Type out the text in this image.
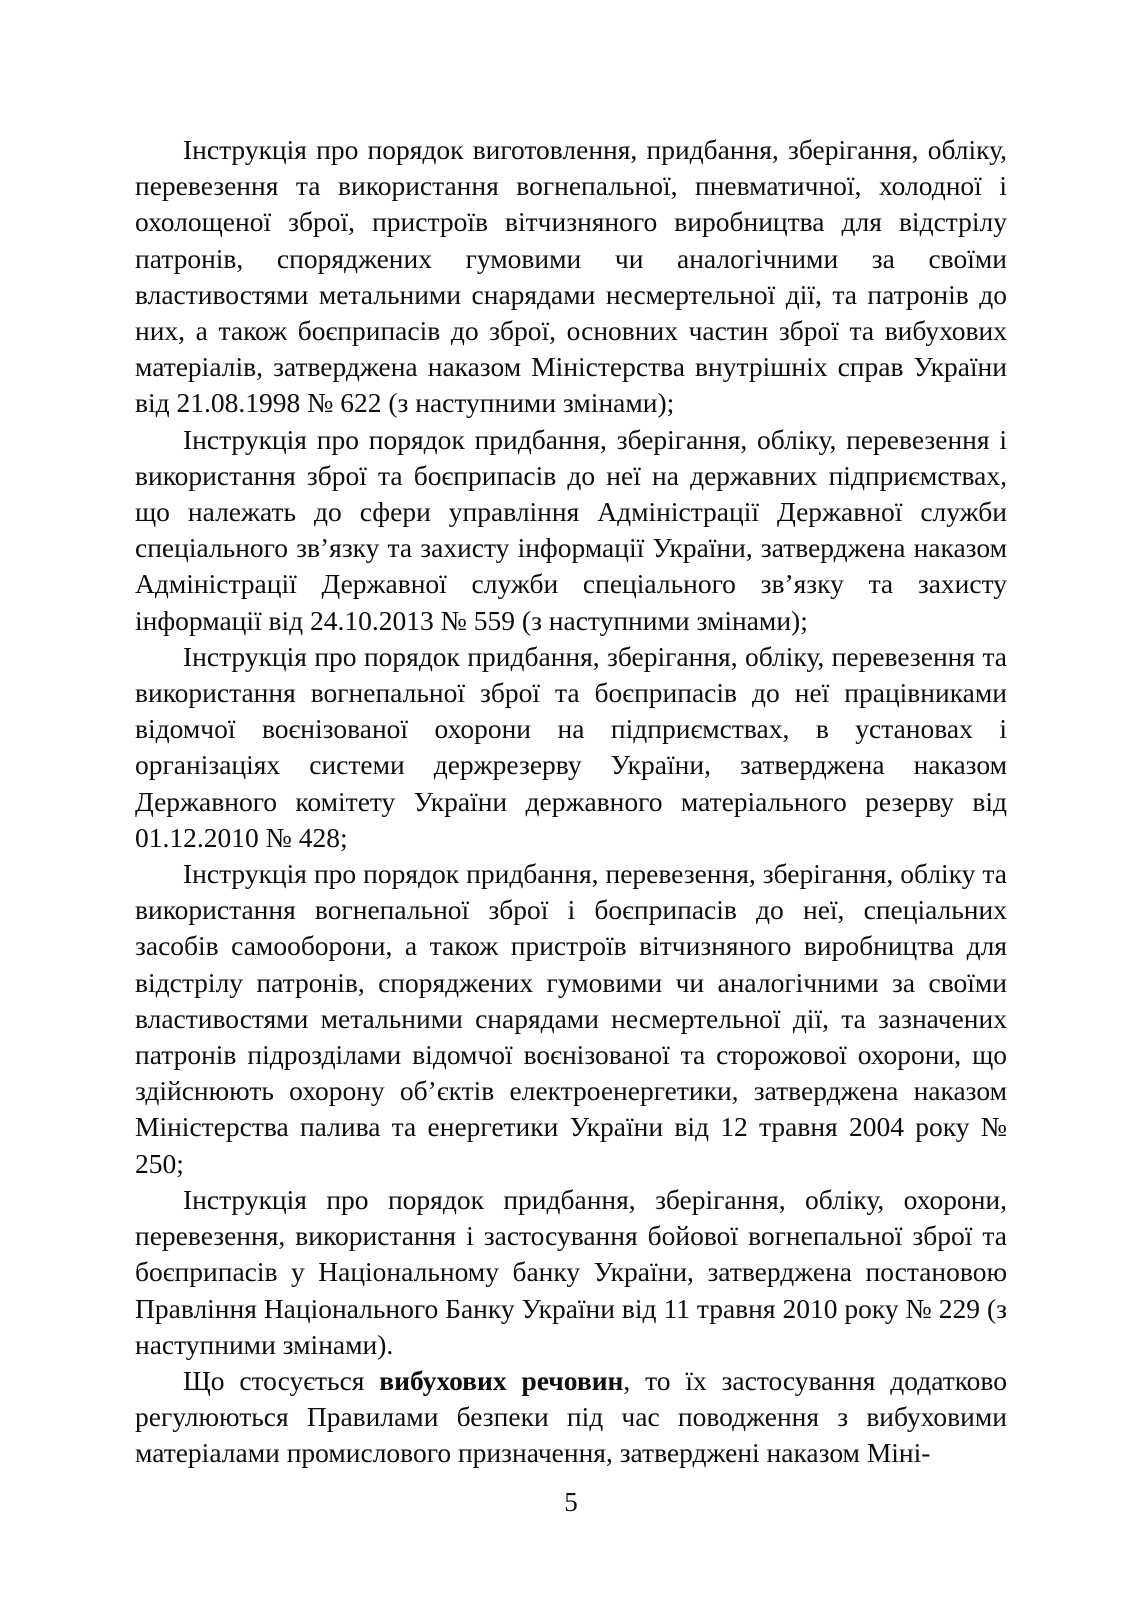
Інструкція про порядок виготовлення, придбання, зберігання, обліку, перевезення та використання вогнепальної, пневматичної, холодної і охолощеної зброї, пристроїв вітчизняного виробництва для відстрілу патронів, споряджених гумовими чи аналогічними за своїми властивостями метальними снарядами несмертельної дії, та патронів до них, а також боєприпасів до зброї, основних частин зброї та вибухових матеріалів, затверджена наказом Міністерства внутрішніх справ України від 21.08.1998 № 622 (з наступними змінами);

Інструкція про порядок придбання, зберігання, обліку, перевезення і використання зброї та боєприпасів до неї на державних підприємствах, що належать до сфери управління Адміністрації Державної служби спеціального зв’язку та захисту інформації України, затверджена наказом Адміністрації Державної служби спеціального зв’язку та захисту інформації від 24.10.2013 № 559 (з наступними змінами);

Інструкція про порядок придбання, зберігання, обліку, перевезення та використання вогнепальної зброї та боєприпасів до неї працівниками відомчої воєнізованої охорони на підприємствах, в установах і організаціях системи держрезерву України, затверджена наказом Державного комітету України державного матеріального резерву від 01.12.2010 № 428;

Інструкція про порядок придбання, перевезення, зберігання, обліку та використання вогнепальної зброї і боєприпасів до неї, спеціальних засобів самооборони, а також пристроїв вітчизняного виробництва для відстрілу патронів, споряджених гумовими чи аналогічними за своїми властивостями метальними снарядами несмертельної дії, та зазначених патронів підрозділами відомчої воєнізованої та сторожової охорони, що здійснюють охорону об’єктів електроенергетики, затверджена наказом Міністерства палива та енергетики України від 12 травня 2004 року № 250;

Інструкція про порядок придбання, зберігання, обліку, охорони, перевезення, використання і застосування бойової вогнепальної зброї та боєприпасів у Національному банку України, затверджена постановою Правління Національного Банку України від 11 травня 2010 року № 229 (з наступними змінами).

Що стосується вибухових речовин, то їх застосування додатково регулюються Правилами безпеки під час поводження з вибуховими матеріалами промислового призначення, затверджені наказом Міні-

5
